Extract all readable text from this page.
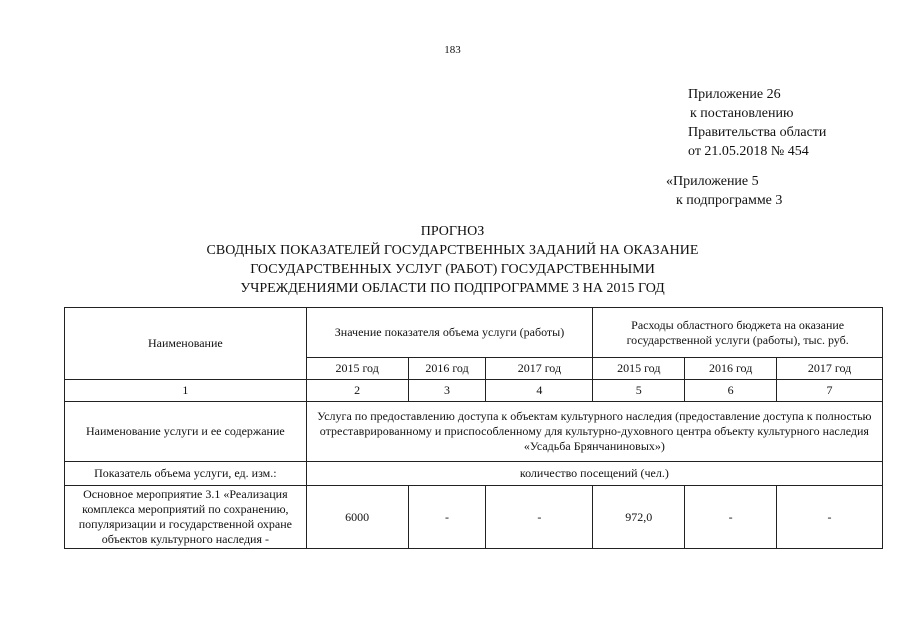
183
Приложение 26
к постановлению
Правительства области
от 21.05.2018 № 454
«Приложение 5
к подпрограмме 3
ПРОГНОЗ
СВОДНЫХ ПОКАЗАТЕЛЕЙ ГОСУДАРСТВЕННЫХ ЗАДАНИЙ НА ОКАЗАНИЕ
ГОСУДАРСТВЕННЫХ УСЛУГ (РАБОТ) ГОСУДАРСТВЕННЫМИ
УЧРЕЖДЕНИЯМИ ОБЛАСТИ ПО ПОДПРОГРАММЕ 3 НА 2015 ГОД
Наименование	Значение показателя объема услуги (работы)			Расходы областного бюджета на оказание государственной услуги (работы), тыс. руб.		
	2015 год	2016 год	2017 год	2015 год	2016 год	2017 год
1	2	3	4	5	6	7
Наименование услуги и ее содержание	Услуга по предоставлению доступа к объектам культурного наследия (предоставление доступа к полностью отреставрированному и приспособленному для культурно-духовного центра объекту культурного наследия «Усадьба Брянчаниновых»)					
Показатель объема услуги, ед. изм.:	количество посещений (чел.)					
Основное мероприятие 3.1 «Реализация комплекса мероприятий по сохранению, популяризации и государственной охране объектов культурного наследия -	6000	-	-	972,0	-	-
